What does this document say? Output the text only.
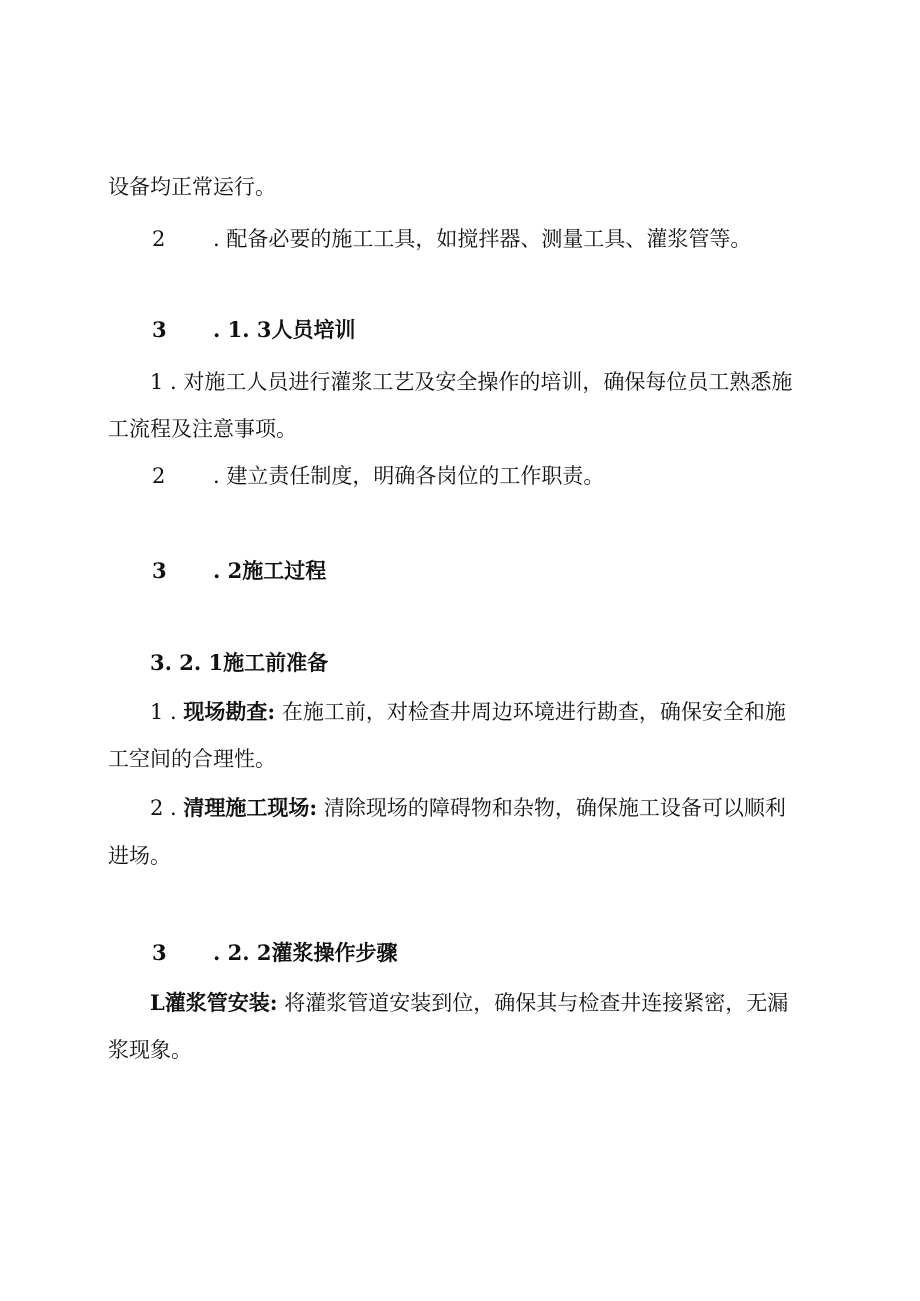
设备均正常运行。
2 . 配备必要的施工工具，如搅拌器、测量工具、灌浆管等。
3 . 1. 3人员培训
1 . 对施工人员进行灌浆工艺及安全操作的培训，确保每位员工熟悉施
工流程及注意事项。
2 . 建立责任制度，明确各岗位的工作职责。
3 . 2施工过程
3. 2. 1施工前准备
1 . 现场勘查: 在施工前，对检查井周边环境进行勘查，确保安全和施
工空间的合理性。
2 . 清理施工现场: 清除现场的障碍物和杂物，确保施工设备可以顺利
进场。
3 . 2. 2灌浆操作步骤
L灌浆管安装: 将灌浆管道安装到位，确保其与检查井连接紧密，无漏
浆现象。
